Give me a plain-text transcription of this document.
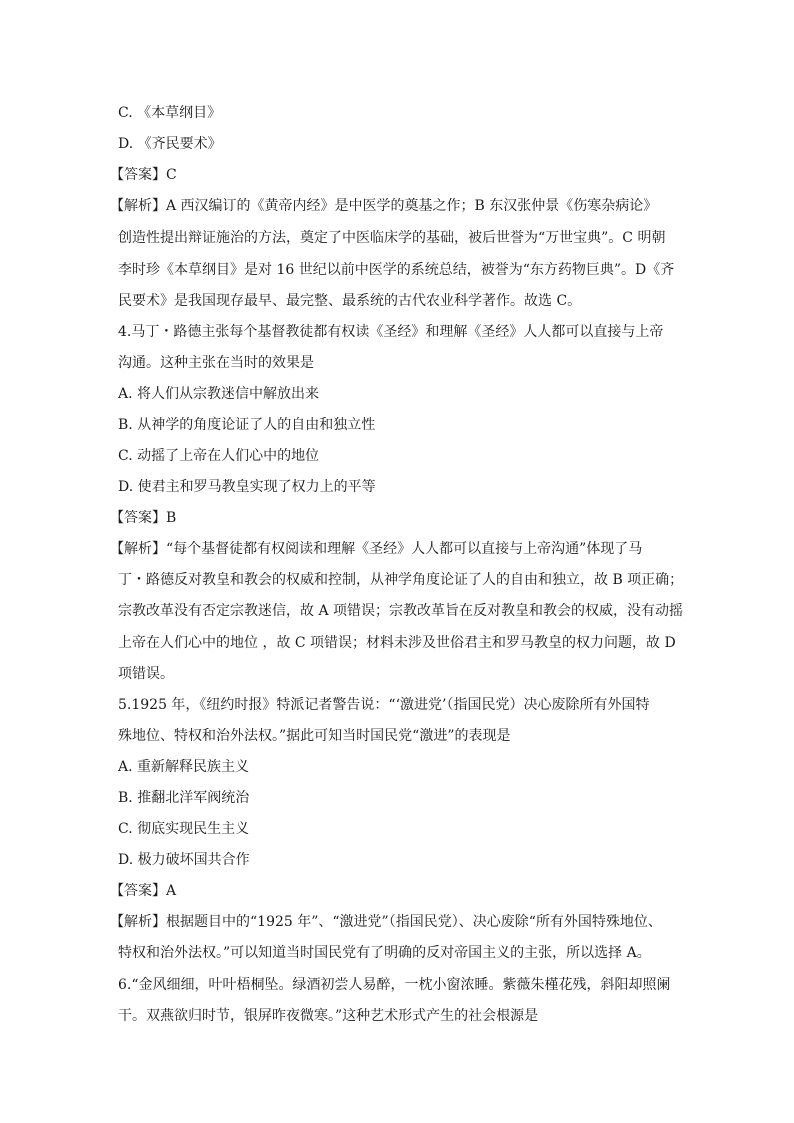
C. 《本草纲目》
D. 《齐民要术》
【答案】C
【解析】A 西汉编订的《黄帝内经》是中医学的奠基之作；B 东汉张仲景《伤寒杂病论》
创造性提出辩证施治的方法，奠定了中医临床学的基础，被后世誉为“万世宝典”。C 明朝
李时珍《本草纲目》是对 16 世纪以前中医学的系统总结，被誉为“东方药物巨典”。D《齐
民要术》是我国现存最早、最完整、最系统的古代农业科学著作。故选 C。
4.马丁・路德主张每个基督教徒都有权读《圣经》和理解《圣经》人人都可以直接与上帝
沟通。这种主张在当时的效果是
A. 将人们从宗教迷信中解放出来
B. 从神学的角度论证了人的自由和独立性
C. 动摇了上帝在人们心中的地位
D. 使君主和罗马教皇实现了权力上的平等
【答案】B
【解析】“每个基督徒都有权阅读和理解《圣经》人人都可以直接与上帝沟通”体现了马
丁・路德反对教皇和教会的权威和控制，从神学角度论证了人的自由和独立，故 B 项正确；
宗教改革没有否定宗教迷信，故 A 项错误；宗教改革旨在反对教皇和教会的权威，没有动摇
上帝在人们心中的地位 ，故 C 项错误；材料未涉及世俗君主和罗马教皇的权力问题，故 D
项错误。
5.1925 年，《纽约时报》特派记者警告说：“‘激进党’（指国民党）决心废除所有外国特
殊地位、特权和治外法权。”据此可知当时国民党“激进”的表现是
A. 重新解释民族主义
B. 推翻北洋军阀统治
C. 彻底实现民生主义
D. 极力破坏国共合作
【答案】A
【解析】根据题目中的“1925 年”、“激进党”（指国民党）、决心废除“所有外国特殊地位、
特权和治外法权。”可以知道当时国民党有了明确的反对帝国主义的主张，所以选择 A。
6.“金风细细，叶叶梧桐坠。绿酒初尝人易醉，一枕小窗浓睡。紫薇朱槿花残，斜阳却照阑
干。双燕欲归时节，银屏昨夜微寒。”这种艺术形式产生的社会根源是
